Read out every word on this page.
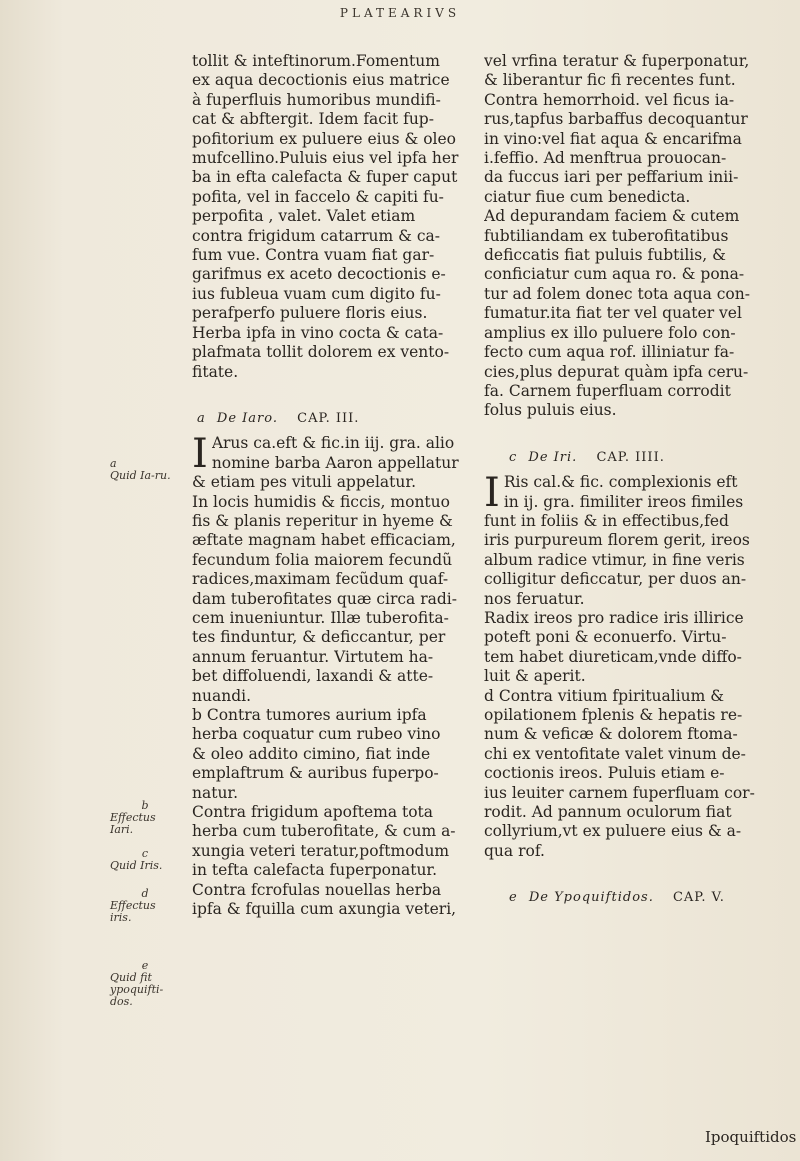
PLATEARIVS
a
Quid Ia-ru.
b
Effectus Iari.
c
Quid Iris.
d
Effectus iris.
e
Quid fit ypoquifti-dos.
tollit & inteftinorum.Fomentum
ex aqua decoctionis eius matrice
à fuperfluis humoribus mundifi-
cat & abftergit. Idem facit fup-
pofitorium ex puluere eius & oleo
mufcellino.Puluis eius vel ipfa her
ba in efta calefacta & fuper caput
pofita, vel in faccelo & capiti fu-
perpofita , valet. Valet etiam
contra frigidum catarrum & ca-
fum vue. Contra vuam fiat gar-
garifmus ex aceto decoctionis e-
ius fubleua vuam cum digito fu-
perafperfo puluere floris eius.
Herba ipfa in vino cocta & cata-
plafmata tollit dolorem ex vento-
fitate.
a De Iaro. CAP. III.
I Arus ca.eft & fic.in iij. gra. alio
nomine barba Aaron appellatur
& etiam pes vituli appelatur.
In locis humidis & ficcis, montuo
fis & planis reperitur in hyeme &
æftate magnam habet efficaciam,
fecundum folia maiorem fecundũ
radices,maximam fecũdum quaf-
dam tuberofitates quæ circa radi-
cem inueniuntur. Illæ tuberofita-
tes finduntur, & deficcantur, per
annum feruantur. Virtutem ha-
bet diffoluendi, laxandi & atte-
nuandi.
b Contra tumores aurium ipfa
herba coquatur cum rubeo vino
& oleo addito cimino, fiat inde
emplaftrum & auribus fuperpo-
natur.
Contra frigidum apoftema tota
herba cum tuberofitate, & cum a-
xungia veteri teratur,poftmodum
in tefta calefacta fuperponatur.
Contra fcrofulas nouellas herba
ipfa & fquilla cum axungia veteri,
vel vrfina teratur & fuperponatur,
& liberantur fic fi recentes funt.
Contra hemorrhoid. vel ficus ia-
rus,tapfus barbaffus decoquantur
in vino:vel fiat aqua & encarifma
i.feffio. Ad menftrua prouocan-
da fuccus iari per peffarium inii-
ciatur fiue cum benedicta.
Ad depurandam faciem & cutem
fubtiliandam ex tuberofitatibus
deficcatis fiat puluis fubtilis, &
conficiatur cum aqua ro. & pona-
tur ad folem donec tota aqua con-
fumatur.ita fiat ter vel quater vel
amplius ex illo puluere folo con-
fecto cum aqua rof. illiniatur fa-
cies,plus depurat quàm ipfa ceru-
fa. Carnem fuperfluam corrodit
folus puluis eius.
c De Iri. CAP. IIII.
I Ris cal.& fic. complexionis eft
in ij. gra. fimiliter ireos fimiles
funt in foliis & in effectibus,fed
iris purpureum florem gerit, ireos
album radice vtimur, in fine veris
colligitur deficcatur, per duos an-
nos feruatur.
Radix ireos pro radice iris illirice
poteft poni & econuerfo. Virtu-
tem habet diureticam,vnde diffo-
luit & aperit.
d Contra vitium fpiritualium &
opilationem fplenis & hepatis re-
num & veficæ & dolorem ftoma-
chi ex ventofitate valet vinum de-
coctionis ireos. Puluis etiam e-
ius leuiter carnem fuperfluam cor-
rodit. Ad pannum oculorum fiat
collyrium,vt ex puluere eius & a-
qua rof.
e De Ypoquiftidos. CAP. V.
Ipoquiftidos
